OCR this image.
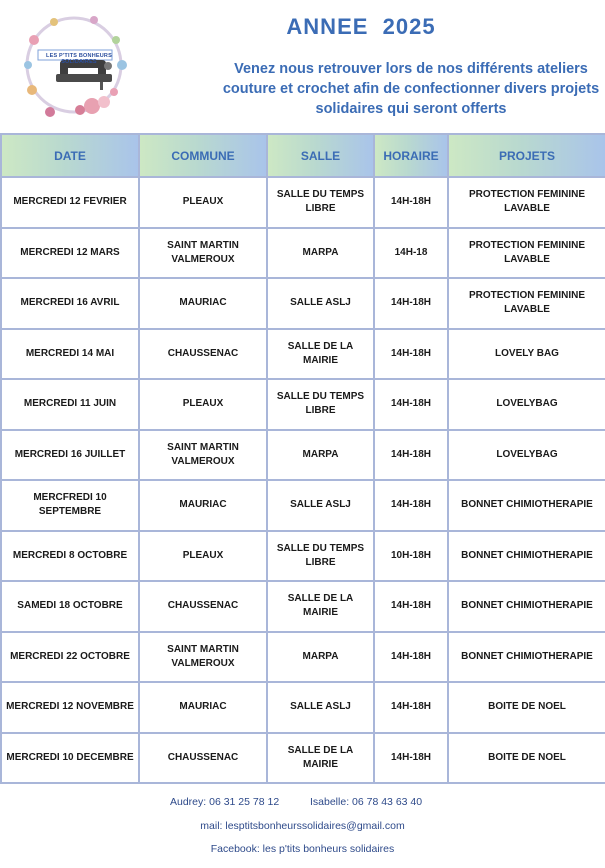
LES P'TITS BONHEURS SOLIDAIRES
ANNEE  2025
Venez nous retrouver lors de nos différents ateliers couture et crochet afin de confectionner divers projets solidaires qui seront offerts
DATE	COMMUNE	SALLE	HORAIRE	PROJETS
MERCREDI 12 FEVRIER	PLEAUX	SALLE DU TEMPS LIBRE	14H-18H	PROTECTION FEMININE LAVABLE
MERCREDI 12 MARS	SAINT MARTIN VALMEROUX	MARPA	14H-18	PROTECTION FEMININE LAVABLE
MERCREDI 16 AVRIL	MAURIAC	SALLE ASLJ	14H-18H	PROTECTION FEMININE LAVABLE
MERCREDI 14 MAI	CHAUSSENAC	SALLE DE LA MAIRIE	14H-18H	LOVELY BAG
MERCREDI 11 JUIN	PLEAUX	SALLE DU TEMPS LIBRE	14H-18H	LOVELYBAG
MERCREDI 16 JUILLET	SAINT MARTIN VALMEROUX	MARPA	14H-18H	LOVELYBAG
MERCFREDI 10 SEPTEMBRE	MAURIAC	SALLE ASLJ	14H-18H	BONNET CHIMIOTHERAPIE
MERCREDI 8 OCTOBRE	PLEAUX	SALLE DU TEMPS LIBRE	10H-18H	BONNET CHIMIOTHERAPIE
SAMEDI 18 OCTOBRE	CHAUSSENAC	SALLE DE LA MAIRIE	14H-18H	BONNET CHIMIOTHERAPIE
MERCREDI 22 OCTOBRE	SAINT MARTIN VALMEROUX	MARPA	14H-18H	BONNET CHIMIOTHERAPIE
MERCREDI 12 NOVEMBRE	MAURIAC	SALLE ASLJ	14H-18H	BOITE DE NOEL
MERCREDI 10 DECEMBRE	CHAUSSENAC	SALLE DE LA MAIRIE	14H-18H	BOITE DE NOEL
Audrey: 06 31 25 78 12	Isabelle: 06 78 43 63 40
mail: lesptitsbonheurssolidaires@gmail.com
Facebook: les p'tits bonheurs solidaires
